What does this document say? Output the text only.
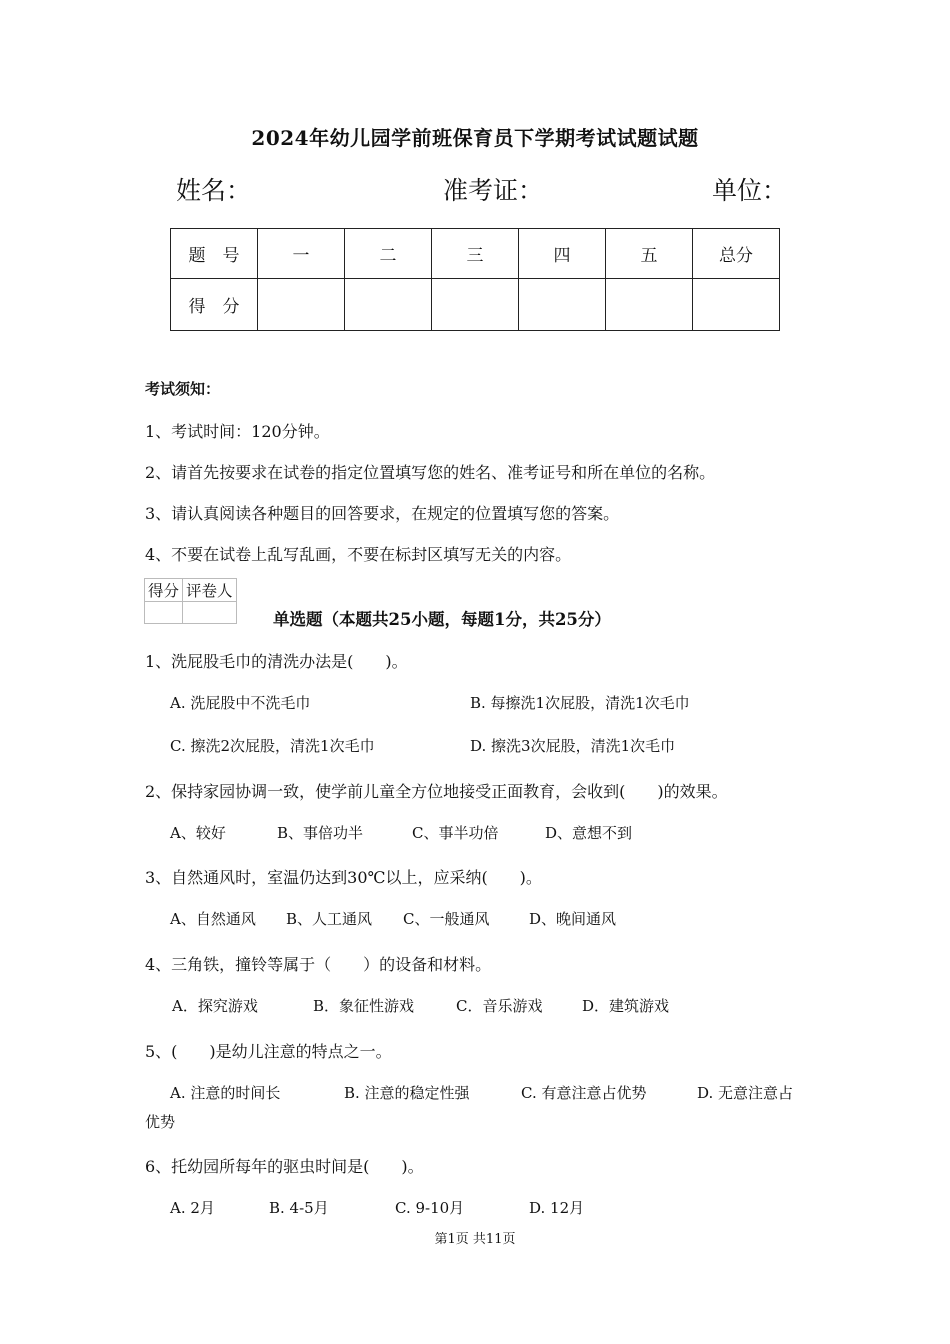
2024年幼儿园学前班保育员下学期考试试题试题
姓名：	准考证：	单位：
题　号	一	二	三	四	五	总分
得　分						
考试须知：
1、考试时间：120分钟。
2、请首先按要求在试卷的指定位置填写您的姓名、准考证号和所在单位的名称。
3、请认真阅读各种题目的回答要求，在规定的位置填写您的答案。
4、不要在试卷上乱写乱画，不要在标封区填写无关的内容。
得分	评卷人

单选题（本题共25小题，每题1分，共25分）
1、洗屁股毛巾的清洗办法是(　　)。
A. 洗屁股中不洗毛巾	B. 每擦洗1次屁股，清洗1次毛巾
C. 擦洗2次屁股，清洗1次毛巾	D. 擦洗3次屁股，清洗1次毛巾
2、保持家园协调一致，使学前儿童全方位地接受正面教育，会收到(　　)的效果。
A、较好	B、事倍功半	C、事半功倍	D、意想不到
3、自然通风时，室温仍达到30℃以上，应采纳(　　)。
A、自然通风 B、人工通风 C、一般通风	D、晚间通风
4、三角铁，撞铃等属于（　　）的设备和材料。
A．探究游戏	B．象征性游戏	C．音乐游戏	D．建筑游戏
5、(　　)是幼儿注意的特点之一。
A. 注意的时间长	B. 注意的稳定性强	C. 有意注意占优势	D. 无意注意占
优势
6、托幼园所每年的驱虫时间是(　　)。
A. 2月	B. 4-5月	C. 9-10月	D. 12月
第1页 共11页
